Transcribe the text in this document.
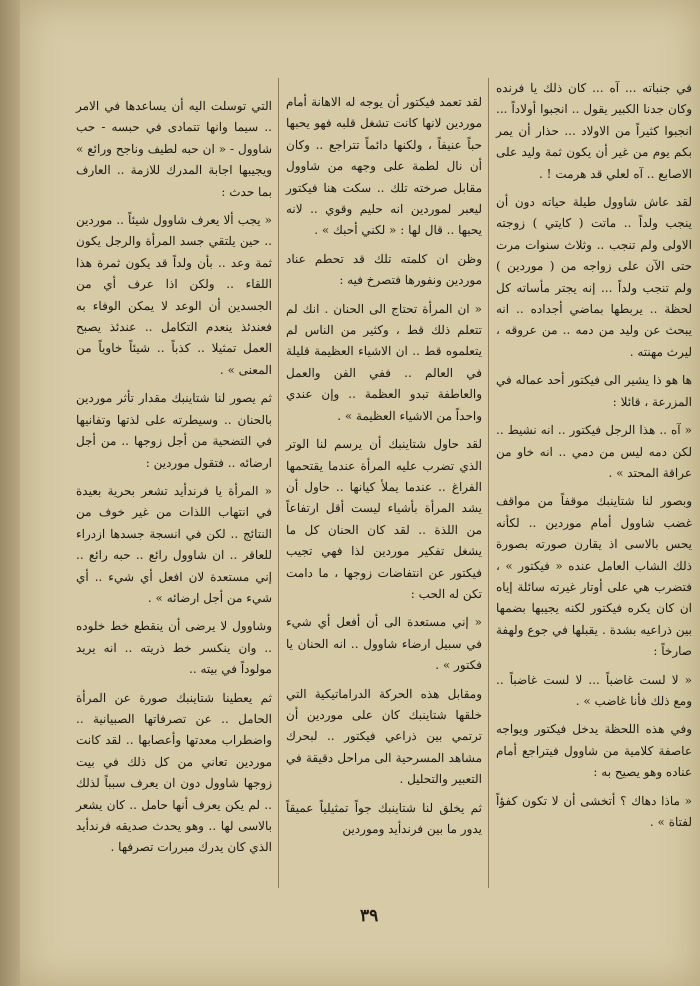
في جنباته ... آه ... كان ذلك يا فرنده وكان جدنا الكبير يقول .. انجبوا أولاداً ... انجبوا كثيراً من الاولاد ... حذار أن يمر بكم يوم من غير أن يكون ثمة وليد على الاصابع .. آه لعلي قد هرمت ! .

لقد عاش شاوول طيلة حياته دون أن ينجب ولداً .. ماتت ( كايتي ) زوجته الاولى ولم تنجب .. وثلاث سنوات مرت حتى الآن على زواجه من ( موردين ) ولم تنجب ولداً ... إنه يجتر مأساته كل لحظة .. يربطها بماضي أجداده .. انه يبحث عن وليد من دمه .. من عروقه ، ليرث مهنته .

ها هو ذا يشير الى فيكتور أحد عماله في المزرعة ، قائلا :

« آه .. هذا الرجل فيكتور .. انه نشيط .. لكن دمه ليس من دمي .. انه خاو من عراقة المحتد » .

وبصور لنا شتاينبك موقفاً من مواقف غضب شاوول أمام موردين .. لكأنه يحس بالاسى اذ يقارن صورته بصورة ذلك الشاب العامل عنده « فيكتور » ، فتضرب هي على أوتار غيرته سائلة إياه ان كان يكره فيكتور لكنه يجيبها بضمها بين ذراعيه بشدة . يقبلها في جوع ولهفة صارخاً :

« لا لست غاضباً ... لا لست غاضباً .. ومع ذلك فأنا غاضب » .

وفي هذه اللحظة يدخل فيكتور ويواجه عاصفة كلامية من شاوول فيتراجع أمام عناده وهو يصيح به :

« ماذا دهاك ؟ أتخشى أن لا تكون كفؤاً لفتاة » .

لقد تعمد فيكتور أن يوجه له الاهانة أمام موردين لانها كانت تشغل قلبه فهو يحبها حباً عنيفاً ، ولكنها دائماً تتراجع .. وكان أن نال لطمة على وجهه من شاوول مقابل صرخته تلك .. سكت هنا فيكتور ليعبر لموردين انه حليم وقوي .. لانه يحبها .. قال لها : « لكني أحبك » .

وظن ان كلمته تلك قد تحطم عناد موردين ونفورها فتصرخ فيه :

« ان المرأة تحتاج الى الحنان . انك لم تتعلم ذلك قط ، وكثير من الناس لم يتعلموه قط .. ان الاشياء العظيمة قليلة في العالم .. ففي الفن والعمل والعاطفة تبدو العظمة .. وإن عندي واحداً من الاشياء العظيمة » .

لقد حاول شتاينبك أن يرسم لنا الوتر الذي تضرب عليه المرأة عندما يقتحمها الفراغ .. عندما يملأ كيانها .. حاول أن يشد المرأة بأشياء ليست أقل ارتفاعاً من اللذة .. لقد كان الحنان كل ما يشغل تفكير موردين لذا فهي تجيب فيكتور عن انتفاضات زوجها ، ما دامت تكن له الحب :

« إني مستعدة الى أن أفعل أي شيء في سبيل ارضاء شاوول .. انه الحنان يا فكتور » .

ومقابل هذه الحركة الدراماتيكية التي خلقها شتاينبك كان على موردين أن ترتمي بين ذراعي فيكتور .. لبحرك مشاهد المسرحية الى مراحل دقيقة في التعبير والتحليل .

ثم يخلق لنا شتاينبك جواً تمثيلياً عميقاً يدور ما بين فرندأيد وموردين

التي توسلت اليه أن يساعدها في الامر .. سيما وانها تتمادى في حبسه - حب شاوول - « ان حبه لطيف وناجح ورائع » ويجيبها اجابة المدرك للازمة .. العارف بما حدث :

« يجب ألا يعرف شاوول شيئاً .. موردين .. حين يلتقي جسد المرأة والرجل يكون ثمة وعد .. بأن ولداً قد يكون ثمرة هذا اللقاء .. ولكن اذا عرف أي من الجسدين أن الوعد لا يمكن الوفاء به فعندئذ ينعدم التكامل .. عندئذ يصبح العمل تمثيلا .. كذباً .. شيئاً خاوياً من المعنى » .

ثم يصور لنا شتاينبك مقدار تأثر موردين بالحنان .. وسيطرته على لذتها وتفانيها في التضحية من أجل زوجها .. من أجل ارضائه .. فتقول موردين :

« المرأة يا فرندأيد تشعر بحرية بعيدة في انتهاب اللذات من غير خوف من النتائج .. لكن في انسجة جسدها ازدراء للعاقر .. ان شاوول رائع .. حبه رائع .. إني مستعدة لان افعل أي شيء .. أي شيء من أجل ارضائه » .

وشاوول لا يرضى أن ينقطع خط خلوده .. وان ينكسر خط ذريته .. انه يريد مولوداً في بيته ..

ثم يعطينا شتاينبك صورة عن المرأة الحامل .. عن تصرفاتها الصبيانية .. واضطراب معدتها وأعصابها .. لقد كانت موردين تعاني من كل ذلك في بيت زوجها شاوول دون ان يعرف سبباً لذلك .. لم يكن يعرف أنها حامل .. كان يشعر بالاسى لها .. وهو يحدث صديقه فرندأيد الذي كان يدرك مبررات تصرفها .

٣٩
